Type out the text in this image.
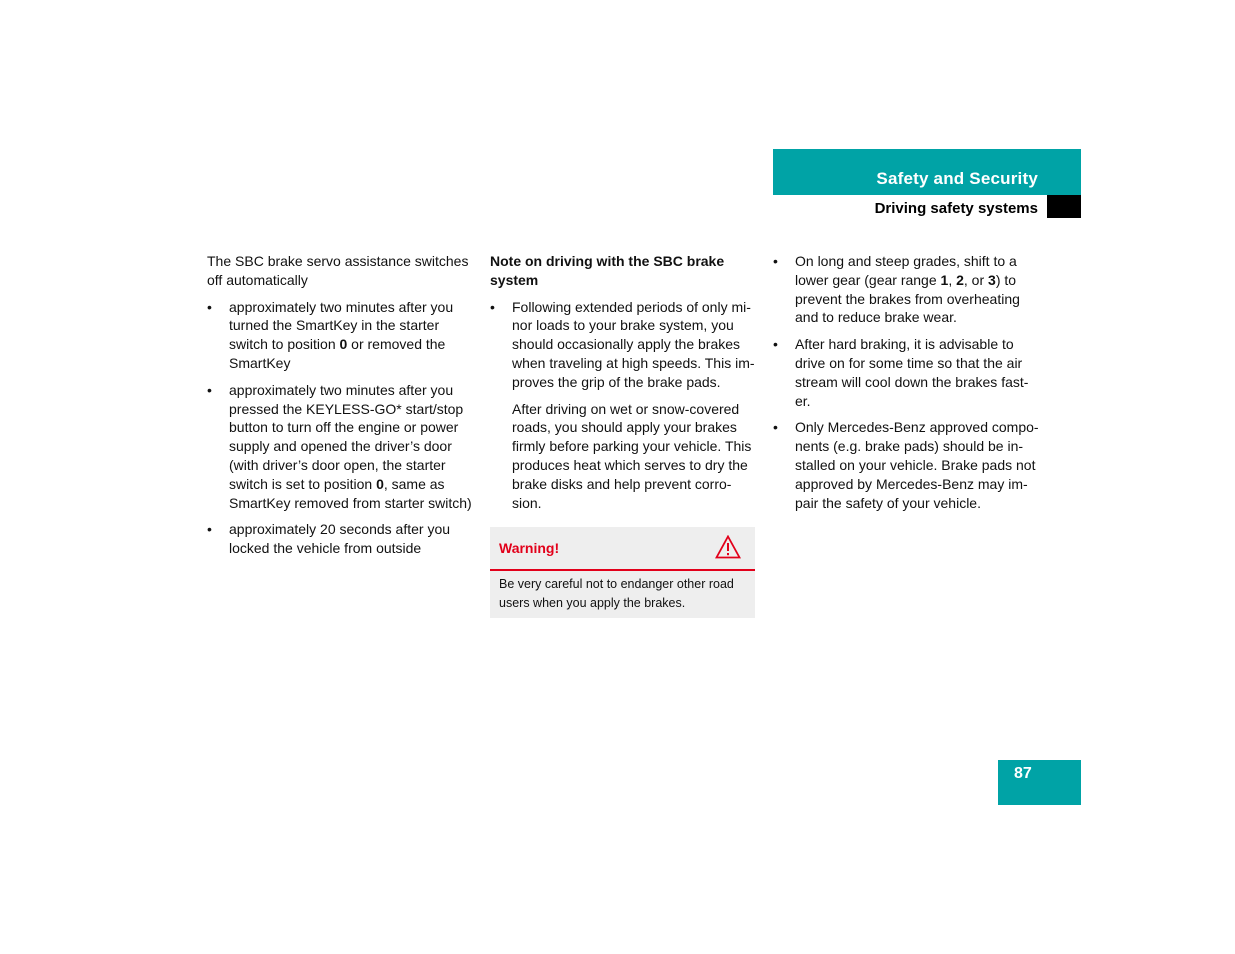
Safety and Security
Driving safety systems

The SBC brake servo assistance switches off automatically

• approximately two minutes after you turned the SmartKey in the starter switch to position 0 or removed the SmartKey
• approximately two minutes after you pressed the KEYLESS-GO* start/stop button to turn off the engine or power supply and opened the driver’s door (with driver’s door open, the starter switch is set to position 0, same as SmartKey removed from starter switch)
• approximately 20 seconds after you locked the vehicle from outside

Note on driving with the SBC brake system

• Following extended periods of only mi-nor loads to your brake system, you should occasionally apply the brakes when traveling at high speeds. This im-proves the grip of the brake pads.

After driving on wet or snow-covered roads, you should apply your brakes firmly before parking your vehicle. This produces heat which serves to dry the brake disks and help prevent corro-sion.

Warning!
Be very careful not to endanger other road users when you apply the brakes.
• On long and steep grades, shift to a lower gear (gear range 1, 2, or 3) to prevent the brakes from overheating and to reduce brake wear.
• After hard braking, it is advisable to drive on for some time so that the air stream will cool down the brakes fast-er.
• Only Mercedes-Benz approved compo-nents (e.g. brake pads) should be in-stalled on your vehicle. Brake pads not approved by Mercedes-Benz may im-pair the safety of your vehicle.
87
